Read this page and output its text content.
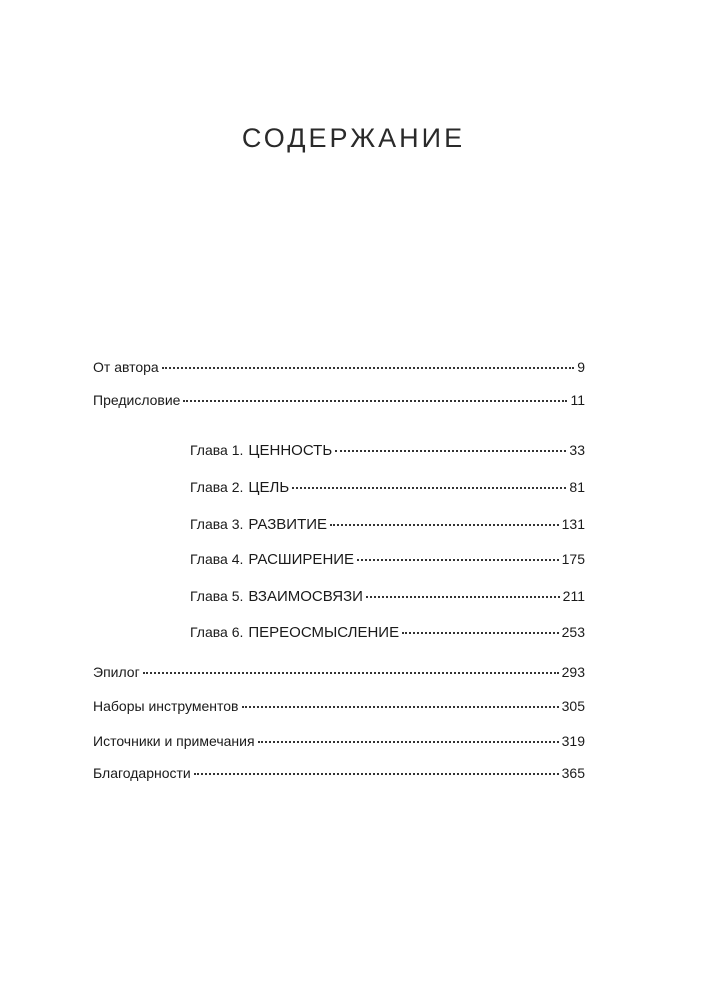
СОДЕРЖАНИЕ
От автора	9
Предисловие	11
Глава 1. ЦЕННОСТЬ	33
Глава 2. ЦЕЛЬ	81
Глава 3. РАЗВИТИЕ	131
Глава 4. РАСШИРЕНИЕ	175
Глава 5. ВЗАИМОСВЯЗИ	211
Глава 6. ПЕРЕОСМЫСЛЕНИЕ	253
Эпилог	293
Наборы инструментов	305
Источники и примечания	319
Благодарности	365
